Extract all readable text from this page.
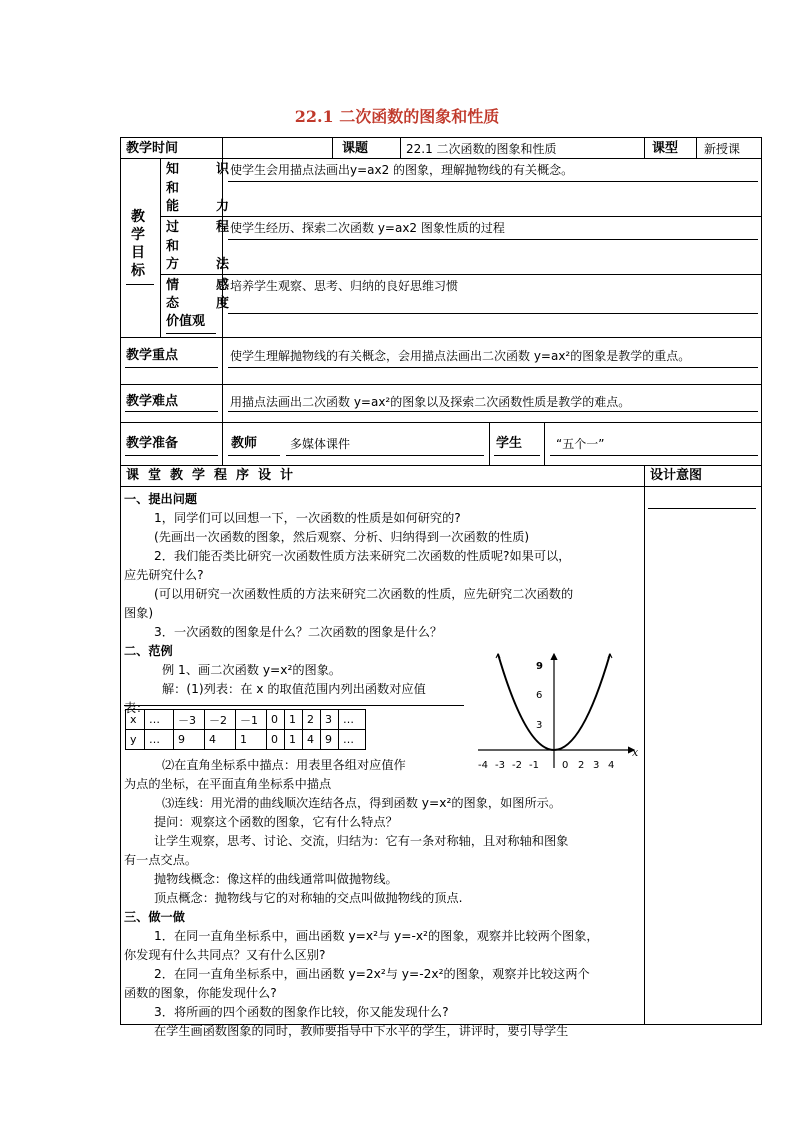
22.1 二次函数的图象和性质
教学时间	课题	22.1 二次函数的图象和性质	课型 新授课
教
学
目
标
知　识
和
能　力
使学生会用描点法画出y=ax2 的图象，理解抛物线的有关概念。
过　程
和
方　法
使学生经历、探索二次函数 y=ax2 图象性质的过程
情　感
态　度
价值观
培养学生观察、思考、归纳的良好思维习惯
教学重点	使学生理解抛物线的有关概念，会用描点法画出二次函数 y=ax²的图象是教学的重点。
教学难点	用描点法画出二次函数 y=ax²的图象以及探索二次函数性质是教学的难点。
教学准备	教师	多媒体课件	学生	“五个一”
课堂教学程序设计	设计意图

一、提出问题

1，同学们可以回想一下，一次函数的性质是如何研究的?

(先画出一次函数的图象，然后观察、分析、归纳得到一次函数的性质)

2．我们能否类比研究一次函数性质方法来研究二次函数的性质呢?如果可以，

应先研究什么?

(可以用研究一次函数性质的方法来研究二次函数的性质，应先研究二次函数的

图象)

3．一次函数的图象是什么？二次函数的图象是什么？

二、范例

例 1、画二次函数 y=x²的图象。

解：(1)列表：在 x 的取值范围内列出函数对应值

表：

⑵在直角坐标系中描点：用表里各组对应值作

为点的坐标，在平面直角坐标系中描点

⑶连线：用光滑的曲线顺次连结各点，得到函数 y=x²的图象，如图所示。

提问：观察这个函数的图象，它有什么特点？

让学生观察，思考、讨论、交流，归结为：它有一条对称轴，且对称轴和图象

有一点交点。

抛物线概念：像这样的曲线通常叫做抛物线。

顶点概念：抛物线与它的对称轴的交点叫做抛物线的顶点.

三、做一做

1．在同一直角坐标系中，画出函数 y=x²与 y=-x²的图象，观察并比较两个图象，

你发现有什么共同点？又有什么区别?

2．在同一直角坐标系中，画出函数 y=2x²与 y=-2x²的图象，观察并比较这两个

函数的图象，你能发现什么?

3．将所画的四个函数的图象作比较，你又能发现什么?

在学生画函数图象的同时，教师要指导中下水平的学生，讲评时，要引导学生

x	…	－3	－2	－1	0	1	2	3	…
y	…	9	4	1	0	1	4	9	…
x
9
6
3
-4 -3 -2 -1 0 2 3 4
